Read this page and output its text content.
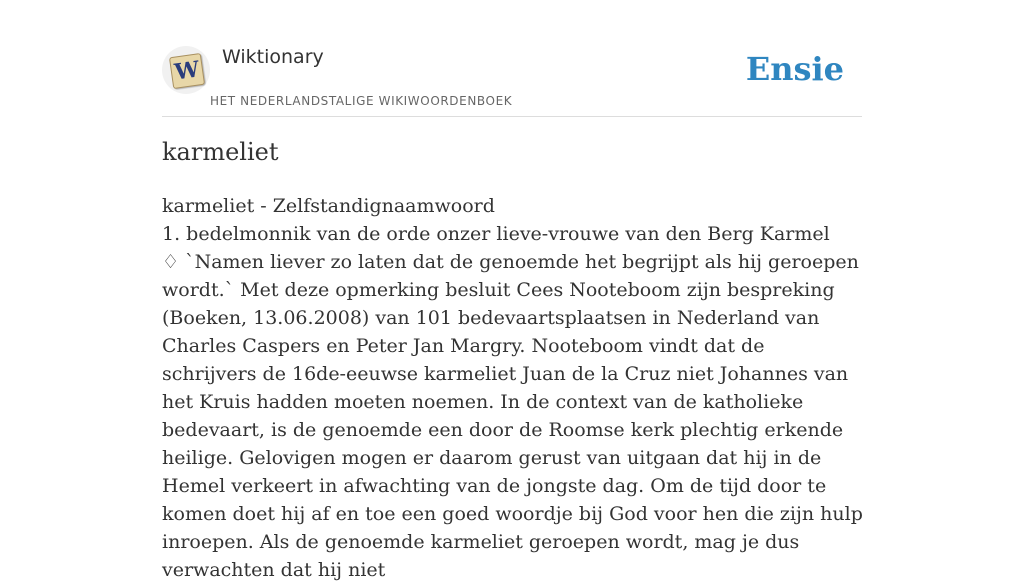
W Wiktionary
HET NEDERLANDSTALIGE WIKIWOORDENBOEK
Ensie
karmeliet

karmeliet - Zelfstandignaamwoord

1. bedelmonnik van de orde onzer lieve-vrouwe van den Berg Karmel

♢ `Namen liever zo laten dat de genoemde het begrijpt als hij geroepen wordt.` Met deze opmerking besluit Cees Nooteboom zijn bespreking (Boeken, 13.06.2008) van 101 bedevaartsplaatsen in Nederland van Charles Caspers en Peter Jan Margry. Nooteboom vindt dat de schrijvers de 16de-eeuwse karmeliet Juan de la Cruz niet Johannes van het Kruis hadden moeten noemen. In de context van de katholieke bedevaart, is de genoemde een door de Roomse kerk plechtig erkende heilige. Gelovigen mogen er daarom gerust van uitgaan dat hij in de Hemel verkeert in afwachting van de jongste dag. Om de tijd door te komen doet hij af en toe een goed woordje bij God voor hen die zijn hulp inroepen. Als de genoemde karmeliet geroepen wordt, mag je dus verwachten dat hij niet
